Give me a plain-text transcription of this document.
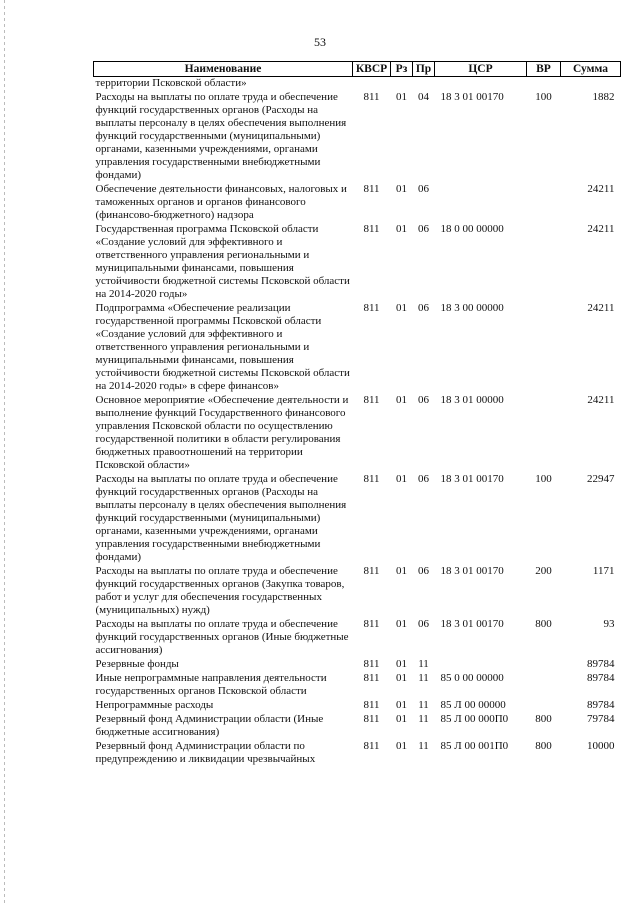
53
Наименование	КВСР	Рз	Пр	ЦСР	ВР	Сумма
территории Псковской области»						
Расходы на выплаты по оплате труда и обеспечение функций государственных органов (Расходы на выплаты персоналу в целях обеспечения выполнения функций государственными (муниципальными) органами, казенными учреждениями, органами управления государственными внебюджетными фондами)	811	01	04	18 3 01 00170	100	1882
Обеспечение деятельности финансовых, налоговых и таможенных органов и органов финансового (финансово-бюджетного) надзора	811	01	06			24211
Государственная программа Псковской области «Создание условий для эффективного и ответственного управления региональными и муниципальными финансами, повышения устойчивости бюджетной системы Псковской области на 2014-2020 годы»	811	01	06	18 0 00 00000		24211
Подпрограмма «Обеспечение реализации государственной программы Псковской области «Создание условий для эффективного и ответственного управления региональными и муниципальными финансами, повышения устойчивости бюджетной системы Псковской области на 2014-2020 годы» в сфере финансов»	811	01	06	18 3 00 00000		24211
Основное мероприятие «Обеспечение деятельности и выполнение функций Государственного финансового управления Псковской области по осуществлению государственной политики в области регулирования бюджетных правоотношений на территории Псковской области»	811	01	06	18 3 01 00000		24211
Расходы на выплаты по оплате труда и обеспечение функций государственных органов (Расходы на выплаты персоналу в целях обеспечения выполнения функций государственными (муниципальными) органами, казенными учреждениями, органами управления государственными внебюджетными фондами)	811	01	06	18 3 01 00170	100	22947
Расходы на выплаты по оплате труда и обеспечение функций государственных органов (Закупка товаров, работ и услуг для обеспечения государственных (муниципальных) нужд)	811	01	06	18 3 01 00170	200	1171
Расходы на выплаты по оплате труда и обеспечение функций государственных органов (Иные бюджетные ассигнования)	811	01	06	18 3 01 00170	800	93
Резервные фонды	811	01	11			89784
Иные непрограммные направления деятельности государственных органов Псковской области	811	01	11	85 0 00 00000		89784
Непрограммные расходы	811	01	11	85 Л 00 00000		89784
Резервный фонд Администрации области (Иные бюджетные ассигнования)	811	01	11	85 Л 00 000П0	800	79784
Резервный фонд Администрации области по предупреждению и ликвидации чрезвычайных	811	01	11	85 Л 00 001П0	800	10000
